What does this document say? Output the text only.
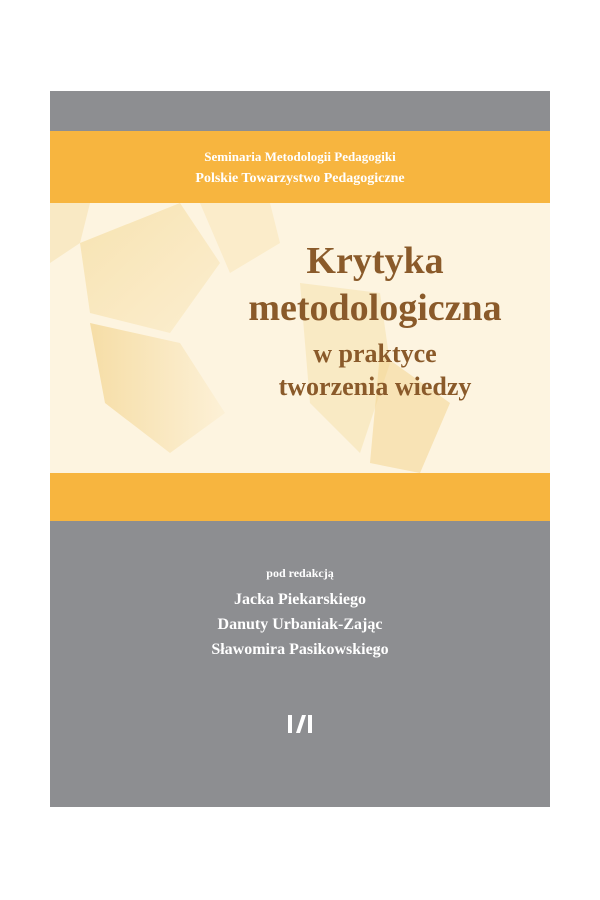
Seminaria Metodologii Pedagogiki
Polskie Towarzystwo Pedagogiczne
Krytyka
metodologiczna
w praktyce
tworzenia wiedzy
pod redakcją
Jacka Piekarskiego
Danuty Urbaniak-Zając
Sławomira Pasikowskiego
